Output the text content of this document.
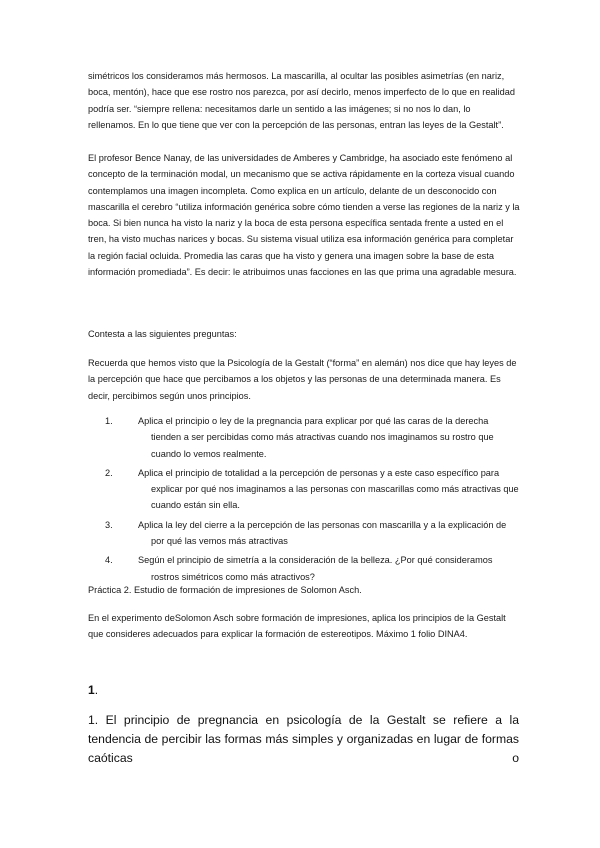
simétricos los consideramos más hermosos. La mascarilla, al ocultar las posibles asimetrías (en nariz, boca, mentón), hace que ese rostro nos parezca, por así decirlo, menos imperfecto de lo que en realidad podría ser. “siempre rellena: necesitamos darle un sentido a las imágenes; si no nos lo dan, lo rellenamos. En lo que tiene que ver con la percepción de las personas, entran las leyes de la Gestalt”.

El profesor Bence Nanay, de las universidades de Amberes y Cambridge, ha asociado este fenómeno al concepto de la terminación modal, un mecanismo que se activa rápidamente en la corteza visual cuando contemplamos una imagen incompleta. Como explica en un artículo, delante de un desconocido con mascarilla el cerebro “utiliza información genérica sobre cómo tienden a verse las regiones de la nariz y la boca. Si bien nunca ha visto la nariz y la boca de esta persona específica sentada frente a usted en el tren, ha visto muchas narices y bocas. Su sistema visual utiliza esa información genérica para completar la región facial ocluida. Promedia las caras que ha visto y genera una imagen sobre la base de esta información promediada”. Es decir: le atribuimos unas facciones en las que prima una agradable mesura.

Contesta a las siguientes preguntas:

Recuerda que hemos visto que la Psicología de la Gestalt (“forma” en alemán) nos dice que hay leyes de la percepción que hace que percibamos a los objetos y las personas de una determinada manera. Es decir, percibimos según unos principios.

1.	Aplica el principio o ley de la pregnancia para explicar por qué las caras de la derecha tienden a ser percibidas como más atractivas cuando nos imaginamos su rostro que cuando lo vemos realmente.
2.	Aplica el principio de totalidad a la percepción de personas y a este caso específico para explicar por qué nos imaginamos a las personas con mascarillas como más atractivas que cuando están sin ella.
3.	Aplica la ley del cierre a la percepción de las personas con mascarilla y a la explicación de por qué las vemos más atractivas
4.	Según el principio de simetría a la consideración de la belleza. ¿Por qué consideramos rostros simétricos como más atractivos?

Práctica 2. Estudio de formación de impresiones de Solomon Asch.

En el experimento deSolomon Asch sobre formación de impresiones, aplica los principios de la Gestalt que consideres adecuados para explicar la formación de estereotipos. Máximo 1 folio DINA4.

1.

1. El principio de pregnancia en psicología de la Gestalt se refiere a la tendencia de percibir las formas más simples y organizadas en lugar de formas caóticas o
